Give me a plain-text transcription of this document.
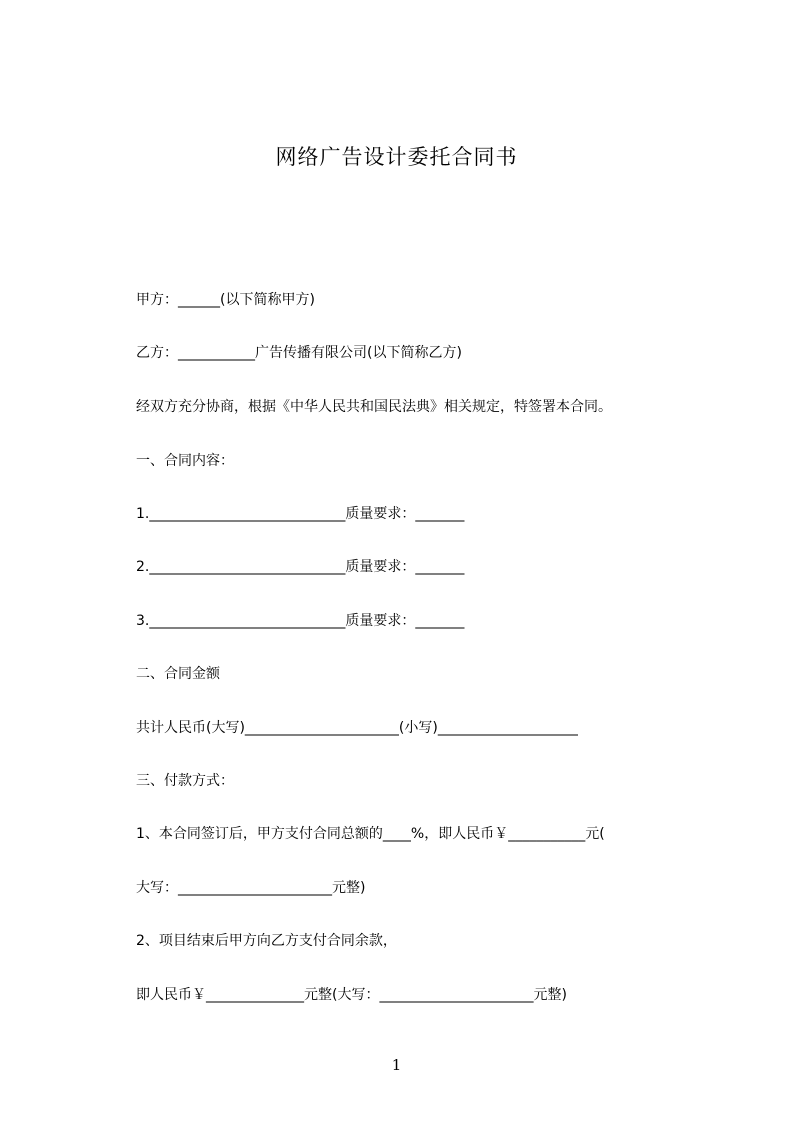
网络广告设计委托合同书
甲方：______(以下简称甲方)
乙方：___________广告传播有限公司(以下简称乙方)
经双方充分协商，根据《中华人民共和国民法典》相关规定，特签署本合同。
一、合同内容：
1.____________________________质量要求：_______
2.____________________________质量要求：_______
3.____________________________质量要求：_______
二、合同金额
共计人民币(大写)______________________(小写)____________________
三、付款方式：
1、本合同签订后，甲方支付合同总额的____%，即人民币￥___________元(
大写：______________________元整)
2、项目结束后甲方向乙方支付合同余款，
即人民币￥______________元整(大写：______________________元整)
1
